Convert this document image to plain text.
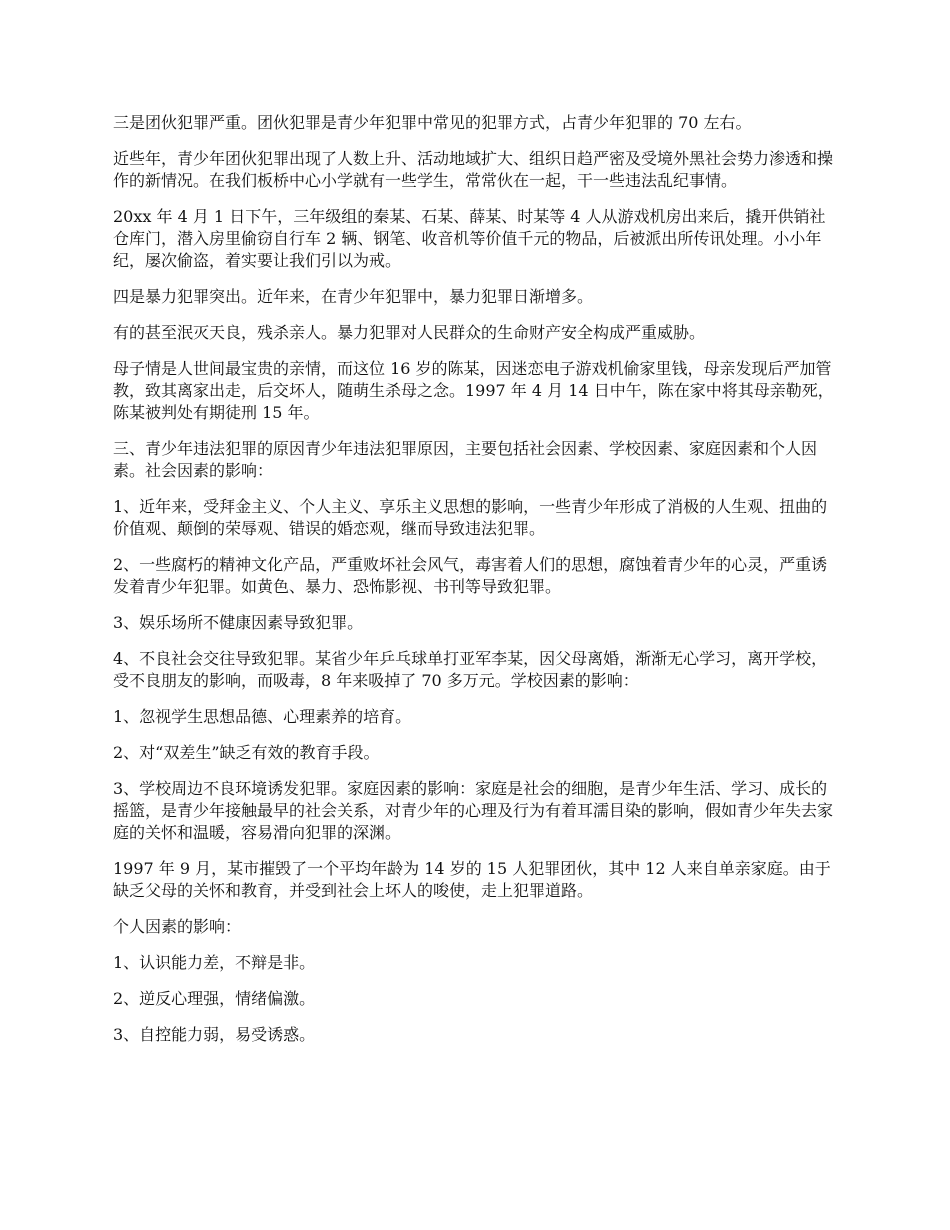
三是团伙犯罪严重。团伙犯罪是青少年犯罪中常见的犯罪方式，占青少年犯罪的 70 左右。

近些年，青少年团伙犯罪出现了人数上升、活动地域扩大、组织日趋严密及受境外黑社会势力渗透和操作的新情况。在我们板桥中心小学就有一些学生，常常伙在一起，干一些违法乱纪事情。

20xx 年 4 月 1 日下午，三年级组的秦某、石某、薛某、时某等 4 人从游戏机房出来后，撬开供销社仓库门，潜入房里偷窃自行车 2 辆、钢笔、收音机等价值千元的物品，后被派出所传讯处理。小小年纪，屡次偷盗，着实要让我们引以为戒。

四是暴力犯罪突出。近年来，在青少年犯罪中，暴力犯罪日渐增多。

有的甚至泯灭天良，残杀亲人。暴力犯罪对人民群众的生命财产安全构成严重威胁。

母子情是人世间最宝贵的亲情，而这位 16 岁的陈某，因迷恋电子游戏机偷家里钱，母亲发现后严加管教，致其离家出走，后交坏人，随萌生杀母之念。1997 年 4 月 14 日中午，陈在家中将其母亲勒死，陈某被判处有期徒刑 15 年。

三、青少年违法犯罪的原因青少年违法犯罪原因，主要包括社会因素、学校因素、家庭因素和个人因素。社会因素的影响：

1、近年来，受拜金主义、个人主义、享乐主义思想的影响，一些青少年形成了消极的人生观、扭曲的价值观、颠倒的荣辱观、错误的婚恋观，继而导致违法犯罪。

2、一些腐朽的精神文化产品，严重败坏社会风气，毒害着人们的思想，腐蚀着青少年的心灵，严重诱发着青少年犯罪。如黄色、暴力、恐怖影视、书刊等导致犯罪。

3、娱乐场所不健康因素导致犯罪。

4、不良社会交往导致犯罪。某省少年乒乓球单打亚军李某，因父母离婚，渐渐无心学习，离开学校，受不良朋友的影响，而吸毒，8 年来吸掉了 70 多万元。学校因素的影响：

1、忽视学生思想品德、心理素养的培育。

2、对“双差生”缺乏有效的教育手段。

3、学校周边不良环境诱发犯罪。家庭因素的影响：家庭是社会的细胞，是青少年生活、学习、成长的摇篮，是青少年接触最早的社会关系，对青少年的心理及行为有着耳濡目染的影响，假如青少年失去家庭的关怀和温暖，容易滑向犯罪的深渊。

1997 年 9 月，某市摧毁了一个平均年龄为 14 岁的 15 人犯罪团伙，其中 12 人来自单亲家庭。由于缺乏父母的关怀和教育，并受到社会上坏人的唆使，走上犯罪道路。

个人因素的影响：

1、认识能力差，不辩是非。

2、逆反心理强，情绪偏激。

3、自控能力弱，易受诱惑。
